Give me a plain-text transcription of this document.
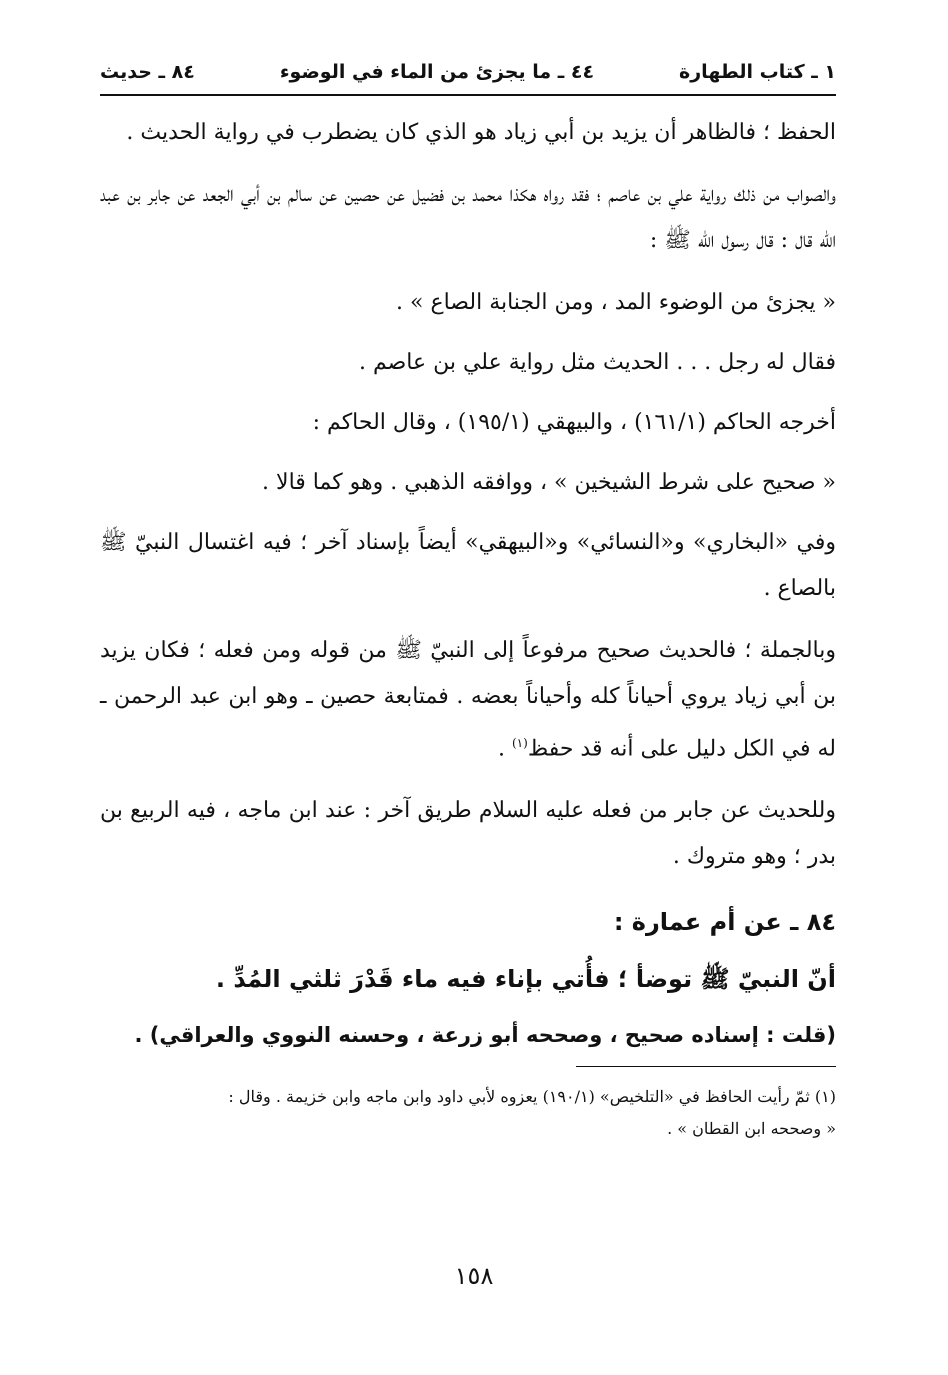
١ ـ كتاب الطهارة
٤٤ ـ ما يجزئ من الماء في الوضوء
٨٤ ـ حديث

الحفظ ؛ فالظاهر أن يزيد بن أبي زياد هو الذي كان يضطرب في رواية الحديث .

والصواب من ذلك رواية علي بن عاصم ؛ فقد رواه هكذا محمد بن فضيل عن حصين عن سالم بن أبي الجعد عن جابر بن عبد الله قال : قال رسول الله ﷺ :

« يجزئ من الوضوء المد ، ومن الجنابة الصاع » .

فقال له رجل . . . الحديث مثل رواية علي بن عاصم .

أخرجه الحاكم (١٦١/١) ، والبيهقي (١٩٥/١) ، وقال الحاكم :

« صحيح على شرط الشيخين » ، ووافقه الذهبي . وهو كما قالا .

وفي «البخاري» و«النسائي» و«البيهقي» أيضاً بإسناد آخر ؛ فيه اغتسال النبيّ ﷺ بالصاع .

وبالجملة ؛ فالحديث صحيح مرفوعاً إلى النبيّ ﷺ من قوله ومن فعله ؛ فكان يزيد بن أبي زياد يروي أحياناً كله وأحياناً بعضه . فمتابعة حصين ـ وهو ابن عبد الرحمن ـ له في الكل دليل على أنه قد حفظ$^{(١)}$ .

وللحديث عن جابر من فعله عليه السلام طريق آخر : عند ابن ماجه ، فيه الربيع بن بدر ؛ وهو متروك .

٨٤ ـ عن أم عمارة :
أنّ النبيّ ﷺ توضأ ؛ فأُتي بإناء فيه ماء قَدْرَ ثلثي المُدِّ .
(قلت : إسناده صحيح ، وصححه أبو زرعة ، وحسنه النووي والعراقي) .

(١) ثمّ رأيت الحافظ في «التلخيص» (١٩٠/١) يعزوه لأبي داود وابن ماجه وابن خزيمة . وقال :

« وصححه ابن القطان » .

١٥٨
